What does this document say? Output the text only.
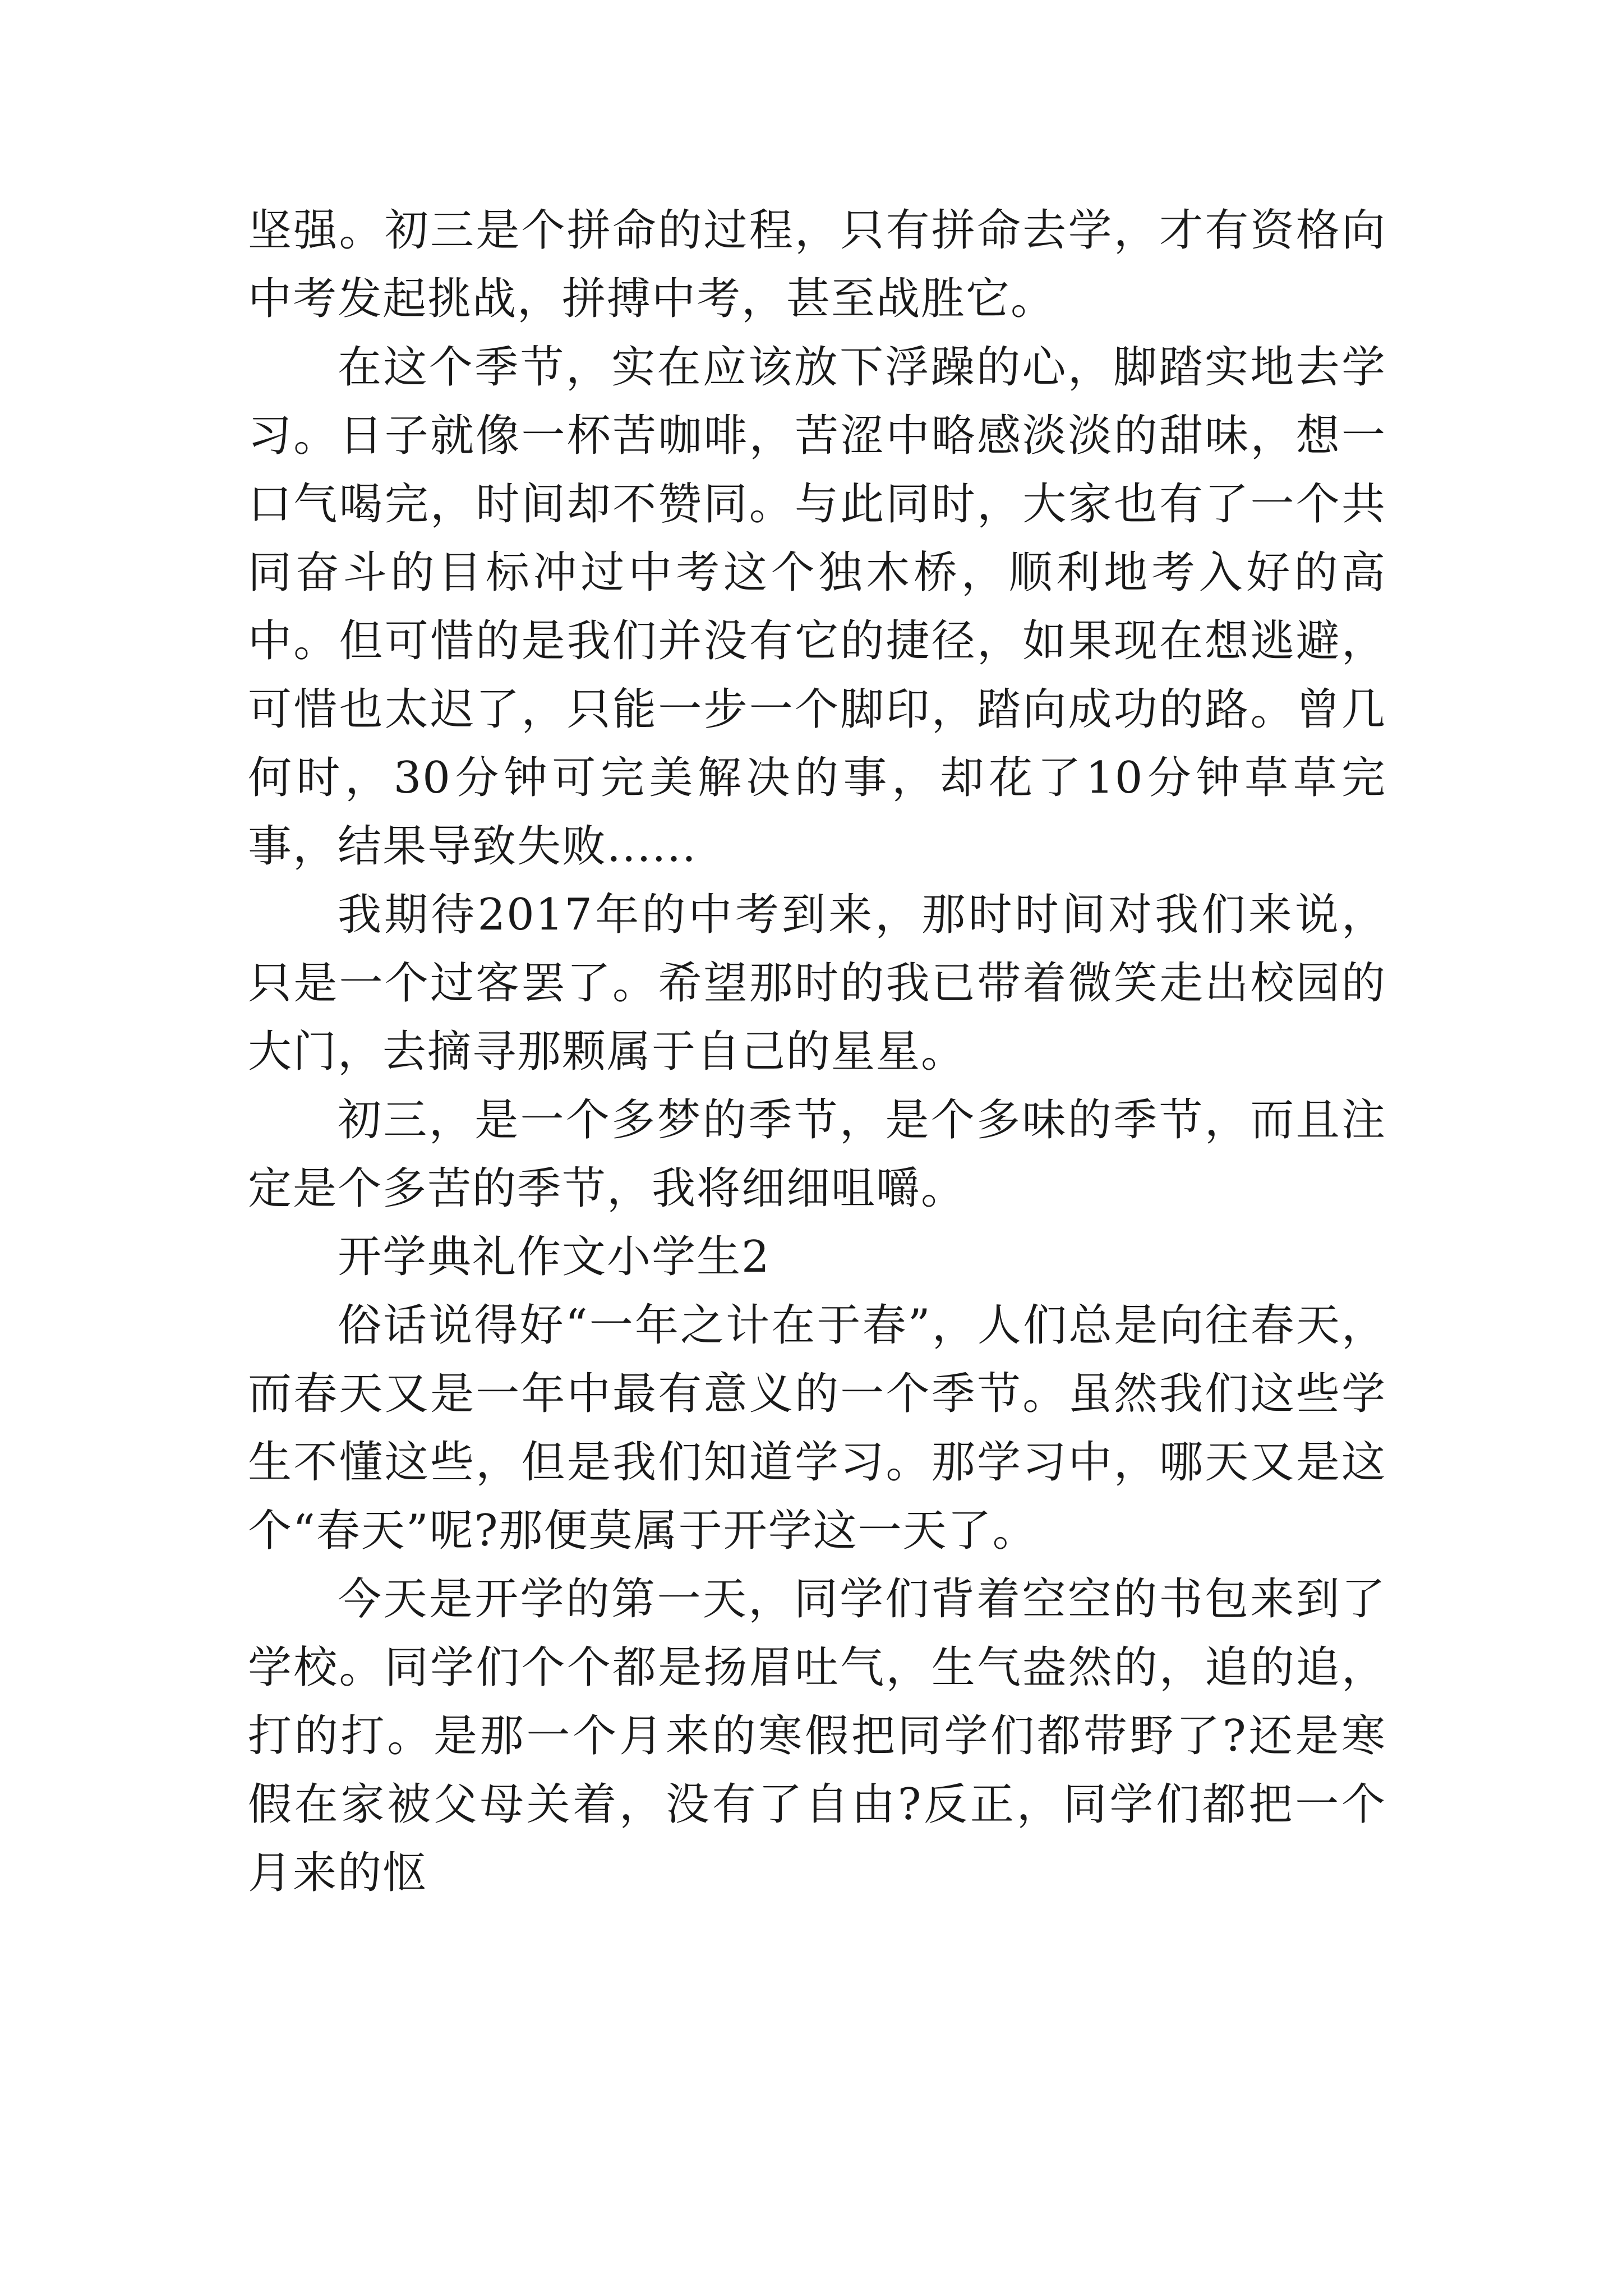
坚强。初三是个拼命的过程，只有拼命去学，才有资格向中考发起挑战，拼搏中考，甚至战胜它。

在这个季节，实在应该放下浮躁的心，脚踏实地去学习。日子就像一杯苦咖啡，苦涩中略感淡淡的甜味，想一口气喝完，时间却不赞同。与此同时，大家也有了一个共同奋斗的目标冲过中考这个独木桥，顺利地考入好的高中。但可惜的是我们并没有它的捷径，如果现在想逃避，可惜也太迟了，只能一步一个脚印，踏向成功的路。曾几何时，30分钟可完美解决的事，却花了10分钟草草完事，结果导致失败......

我期待2017年的中考到来，那时时间对我们来说，只是一个过客罢了。希望那时的我已带着微笑走出校园的大门，去摘寻那颗属于自己的星星。

初三，是一个多梦的季节，是个多味的季节，而且注定是个多苦的季节，我将细细咀嚼。

开学典礼作文小学生2

俗话说得好“一年之计在于春”，人们总是向往春天，而春天又是一年中最有意义的一个季节。虽然我们这些学生不懂这些，但是我们知道学习。那学习中，哪天又是这个“春天”呢?那便莫属于开学这一天了。

今天是开学的第一天，同学们背着空空的书包来到了学校。同学们个个都是扬眉吐气，生气盎然的，追的追，打的打。是那一个月来的寒假把同学们都带野了?还是寒假在家被父母关着，没有了自由?反正，同学们都把一个月来的怄
